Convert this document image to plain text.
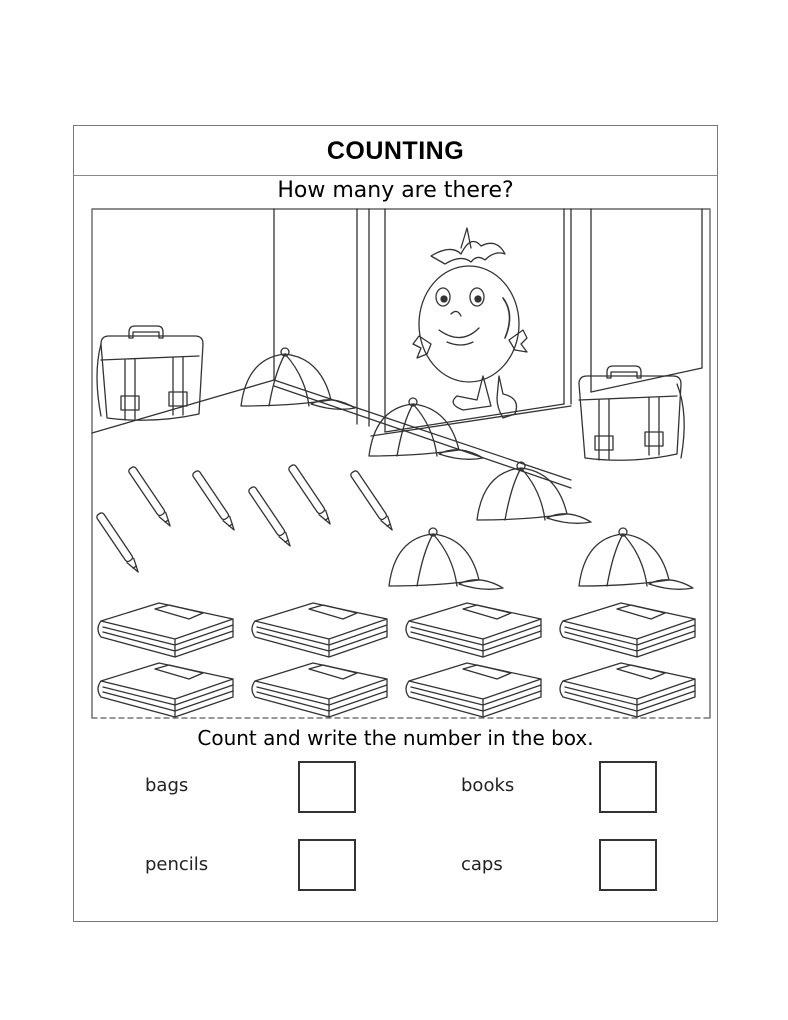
COUNTING
How many are there?
Count and write the number in the box.
bags	books
pencils	caps
